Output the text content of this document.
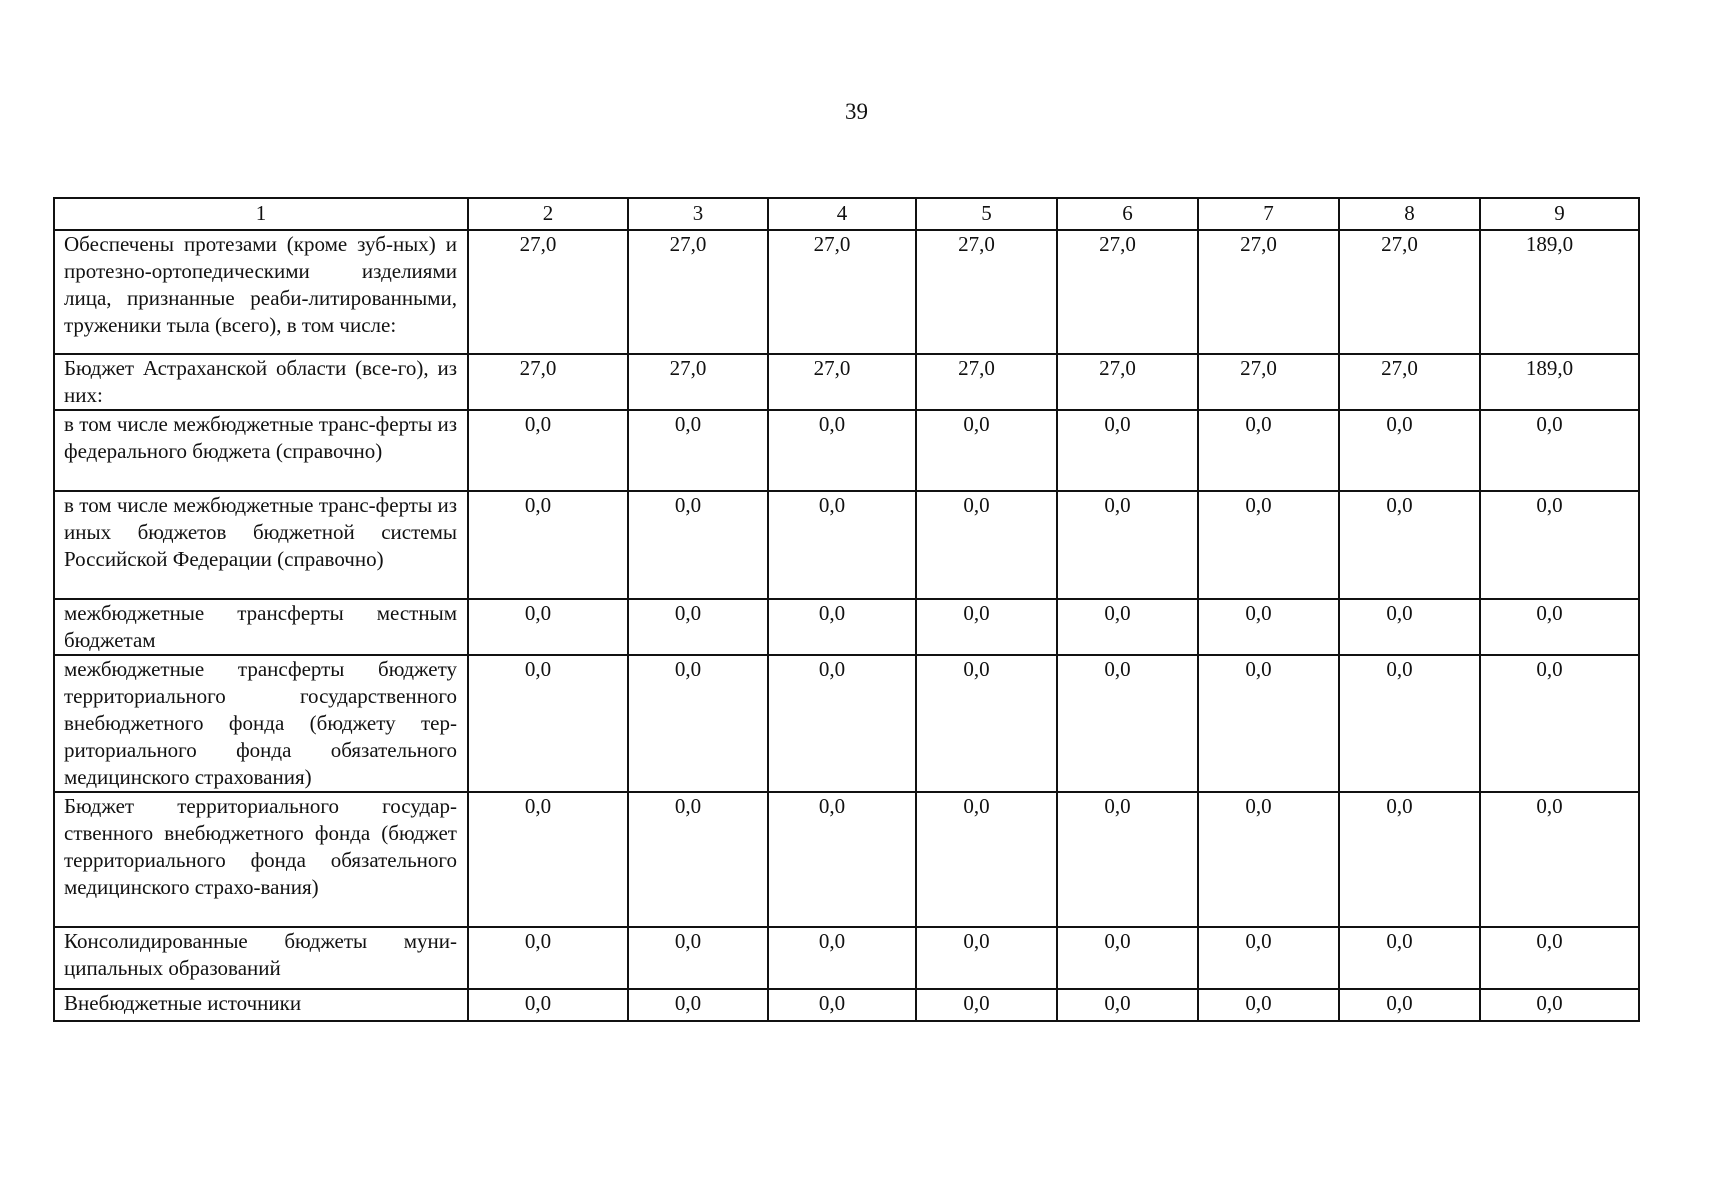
39
1	2	3	4	5	6	7	8	9
Обеспечены протезами (кроме зуб-ных) и протезно-ортопедическими изделиями лица, признанные реаби-литированными, труженики тыла (всего), в том числе:	27,0	27,0	27,0	27,0	27,0	27,0	27,0	189,0
Бюджет Астраханской области (все-го), из них:	27,0	27,0	27,0	27,0	27,0	27,0	27,0	189,0
в том числе межбюджетные транс-ферты из федерального бюджета (справочно)	0,0	0,0	0,0	0,0	0,0	0,0	0,0	0,0
в том числе межбюджетные транс-ферты из иных бюджетов бюджетной системы Российской Федерации (справочно)	0,0	0,0	0,0	0,0	0,0	0,0	0,0	0,0
межбюджетные трансферты местным бюджетам	0,0	0,0	0,0	0,0	0,0	0,0	0,0	0,0
межбюджетные трансферты бюджету территориального государственного внебюджетного фонда (бюджету тер-риториального фонда обязательного медицинского страхования)	0,0	0,0	0,0	0,0	0,0	0,0	0,0	0,0
Бюджет территориального государ-ственного внебюджетного фонда (бюджет территориального фонда обязательного медицинского страхо-вания)	0,0	0,0	0,0	0,0	0,0	0,0	0,0	0,0
Консолидированные бюджеты муни-ципальных образований	0,0	0,0	0,0	0,0	0,0	0,0	0,0	0,0
Внебюджетные источники	0,0	0,0	0,0	0,0	0,0	0,0	0,0	0,0
